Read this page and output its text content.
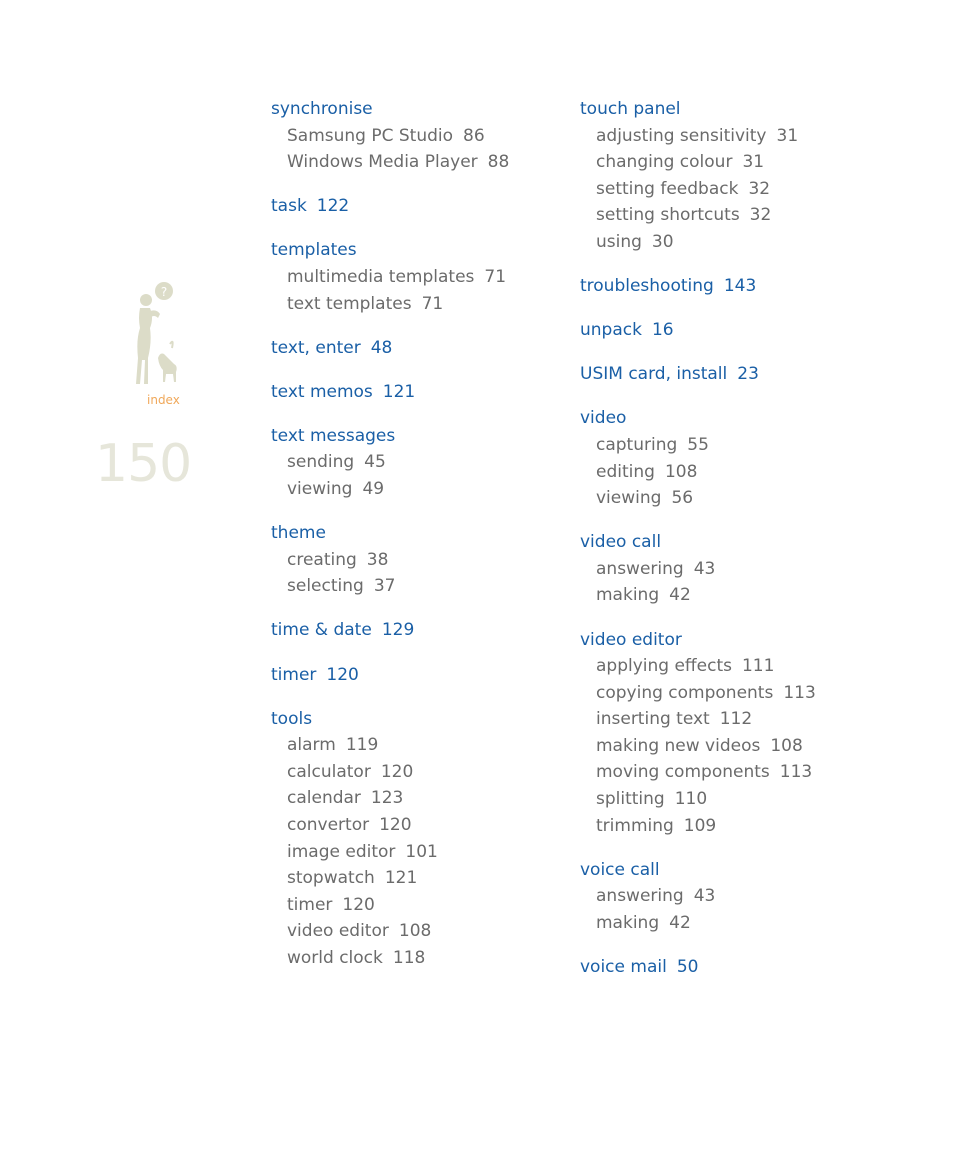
?
index
150
synchronise
Samsung PC Studio 86
Windows Media Player 88
task 122
templates
multimedia templates 71
text templates 71
text, enter 48
text memos 121
text messages
sending 45
viewing 49
theme
creating 38
selecting 37
time & date 129
timer 120
tools
alarm 119
calculator 120
calendar 123
convertor 120
image editor 101
stopwatch 121
timer 120
video editor 108
world clock 118
touch panel
adjusting sensitivity 31
changing colour 31
setting feedback 32
setting shortcuts 32
using 30
troubleshooting 143
unpack 16
USIM card, install 23
video
capturing 55
editing 108
viewing 56
video call
answering 43
making 42
video editor
applying effects 111
copying components 113
inserting text 112
making new videos 108
moving components 113
splitting 110
trimming 109
voice call
answering 43
making 42
voice mail 50
